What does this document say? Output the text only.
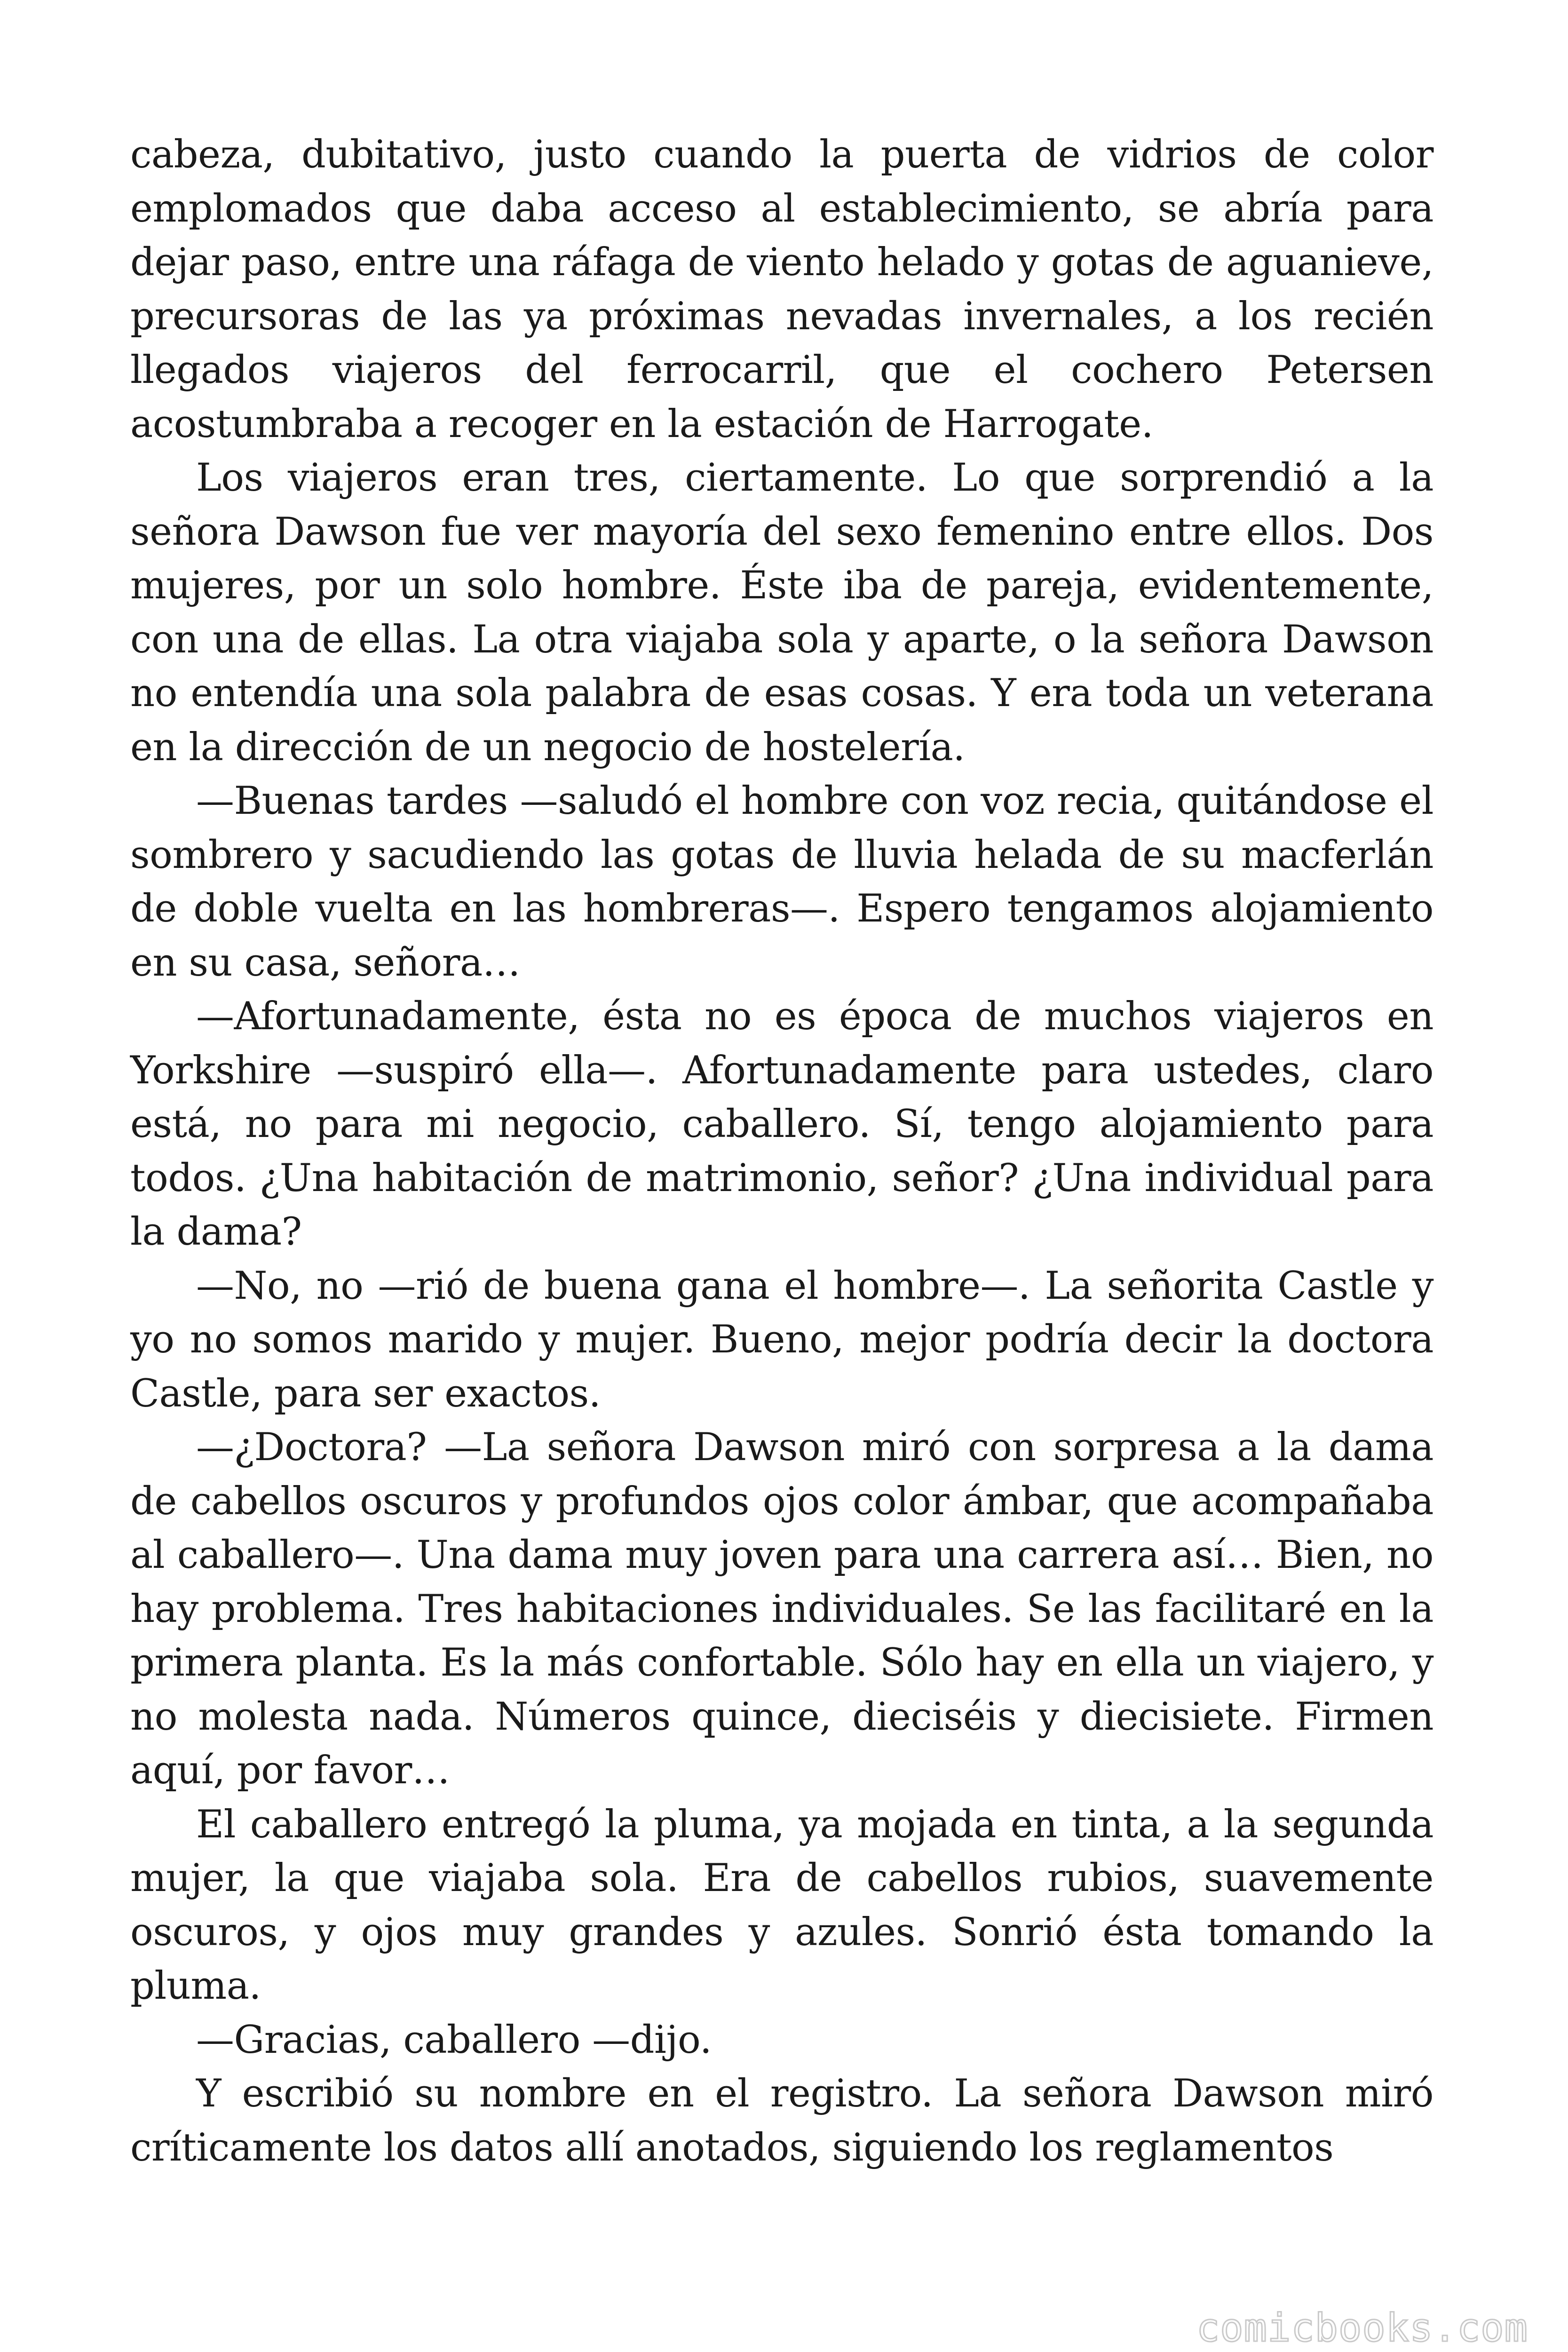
cabeza, dubitativo, justo cuando la puerta de vidrios de color emplomados que daba acceso al establecimiento, se abría para dejar paso, entre una ráfaga de viento helado y gotas de aguanieve, precursoras de las ya próximas nevadas invernales, a los recién llegados viajeros del ferrocarril, que el cochero Petersen acostumbraba a recoger en la estación de Harrogate.

Los viajeros eran tres, ciertamente. Lo que sorprendió a la señora Dawson fue ver mayoría del sexo femenino entre ellos. Dos mujeres, por un solo hombre. Éste iba de pareja, evidentemente, con una de ellas. La otra viajaba sola y aparte, o la señora Dawson no entendía una sola palabra de esas cosas. Y era toda un veterana en la dirección de un negocio de hostelería.

—Buenas tardes —saludó el hombre con voz recia, quitándose el sombrero y sacudiendo las gotas de lluvia helada de su macferlán de doble vuelta en las hombreras—. Espero tengamos alojamiento en su casa, señora…

—Afortunadamente, ésta no es época de muchos viajeros en Yorkshire —suspiró ella—. Afortunadamente para ustedes, claro está, no para mi negocio, caballero. Sí, tengo alojamiento para todos. ¿Una habitación de matrimonio, señor? ¿Una individual para la dama?

—No, no —rió de buena gana el hombre—. La señorita Castle y yo no somos marido y mujer. Bueno, mejor podría decir la doctora Castle, para ser exactos.

—¿Doctora? —La señora Dawson miró con sorpresa a la dama de cabellos oscuros y profundos ojos color ámbar, que acompañaba al caballero—. Una dama muy joven para una carrera así… Bien, no hay problema. Tres habitaciones individuales. Se las facilitaré en la primera planta. Es la más confortable. Sólo hay en ella un viajero, y no molesta nada. Números quince, dieciséis y diecisiete. Firmen aquí, por favor…

El caballero entregó la pluma, ya mojada en tinta, a la segunda mujer, la que viajaba sola. Era de cabellos rubios, suavemente oscuros, y ojos muy grandes y azules. Sonrió ésta tomando la pluma.

—Gracias, caballero —dijo.

Y escribió su nombre en el registro. La señora Dawson miró críticamente los datos allí anotados, siguiendo los reglamentos

comicbooks.com
